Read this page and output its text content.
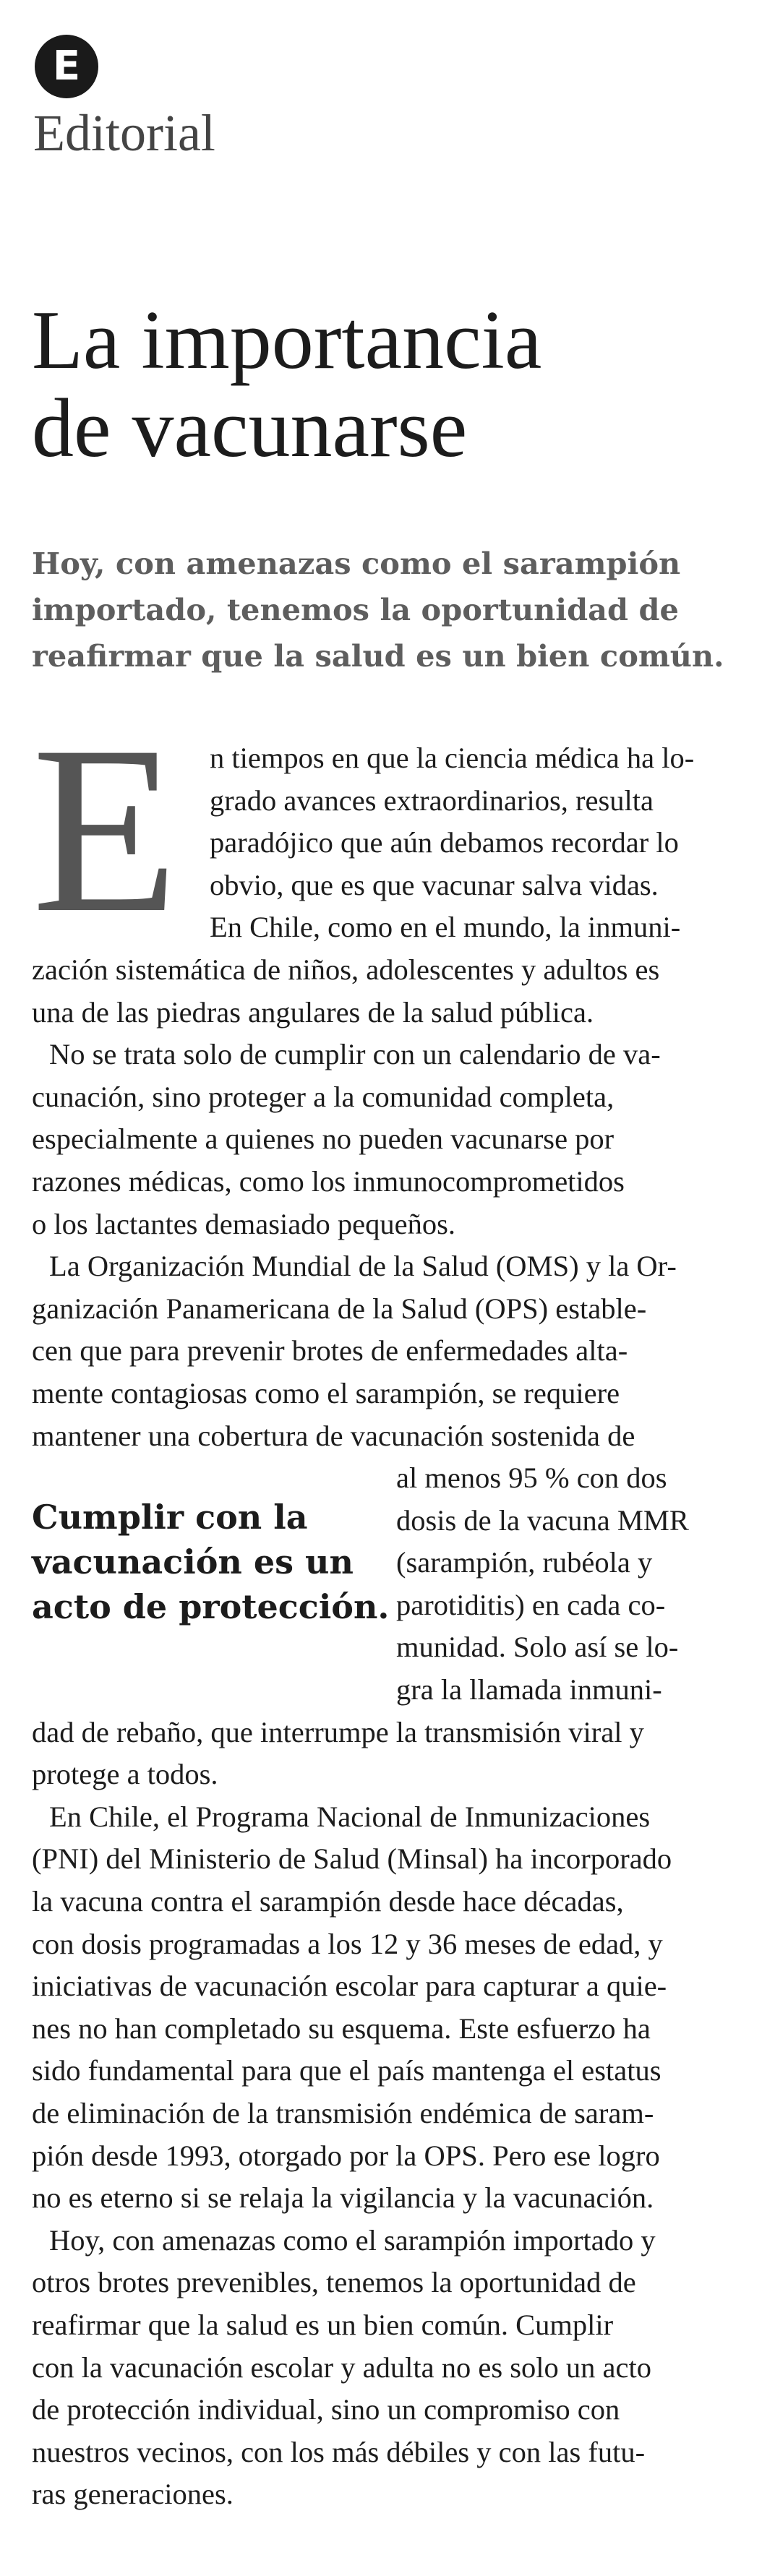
E
Editorial
La importancia
de vacunarse
Hoy, con amenazas como el sarampión
importado, tenemos la oportunidad de
reafirmar que la salud es un bien común.
E
Cumplir con la
vacunación es un
acto de protección.
n tiempos en que la ciencia médica ha lo-
grado avances extraordinarios, resulta
paradójico que aún debamos recordar lo
obvio, que es que vacunar salva vidas.
En Chile, como en el mundo, la inmuni-
zación sistemática de niños, adolescentes y adultos es
una de las piedras angulares de la salud pública.
No se trata solo de cumplir con un calendario de va-
cunación, sino proteger a la comunidad completa,
especialmente a quienes no pueden vacunarse por
razones médicas, como los inmunocomprometidos
o los lactantes demasiado pequeños.
La Organización Mundial de la Salud (OMS) y la Or-
ganización Panamericana de la Salud (OPS) estable-
cen que para prevenir brotes de enfermedades alta-
mente contagiosas como el sarampión, se requiere
mantener una cobertura de vacunación sostenida de
al menos 95 % con dos
dosis de la vacuna MMR
(sarampión, rubéola y
parotiditis) en cada co-
munidad. Solo así se lo-
gra la llamada inmuni-
dad de rebaño, que interrumpe la transmisión viral y
protege a todos.
En Chile, el Programa Nacional de Inmunizaciones
(PNI) del Ministerio de Salud (Minsal) ha incorporado
la vacuna contra el sarampión desde hace décadas,
con dosis programadas a los 12 y 36 meses de edad, y
iniciativas de vacunación escolar para capturar a quie-
nes no han completado su esquema. Este esfuerzo ha
sido fundamental para que el país mantenga el estatus
de eliminación de la transmisión endémica de saram-
pión desde 1993, otorgado por la OPS. Pero ese logro
no es eterno si se relaja la vigilancia y la vacunación.
Hoy, con amenazas como el sarampión importado y
otros brotes prevenibles, tenemos la oportunidad de
reafirmar que la salud es un bien común. Cumplir
con la vacunación escolar y adulta no es solo un acto
de protección individual, sino un compromiso con
nuestros vecinos, con los más débiles y con las futu-
ras generaciones.
